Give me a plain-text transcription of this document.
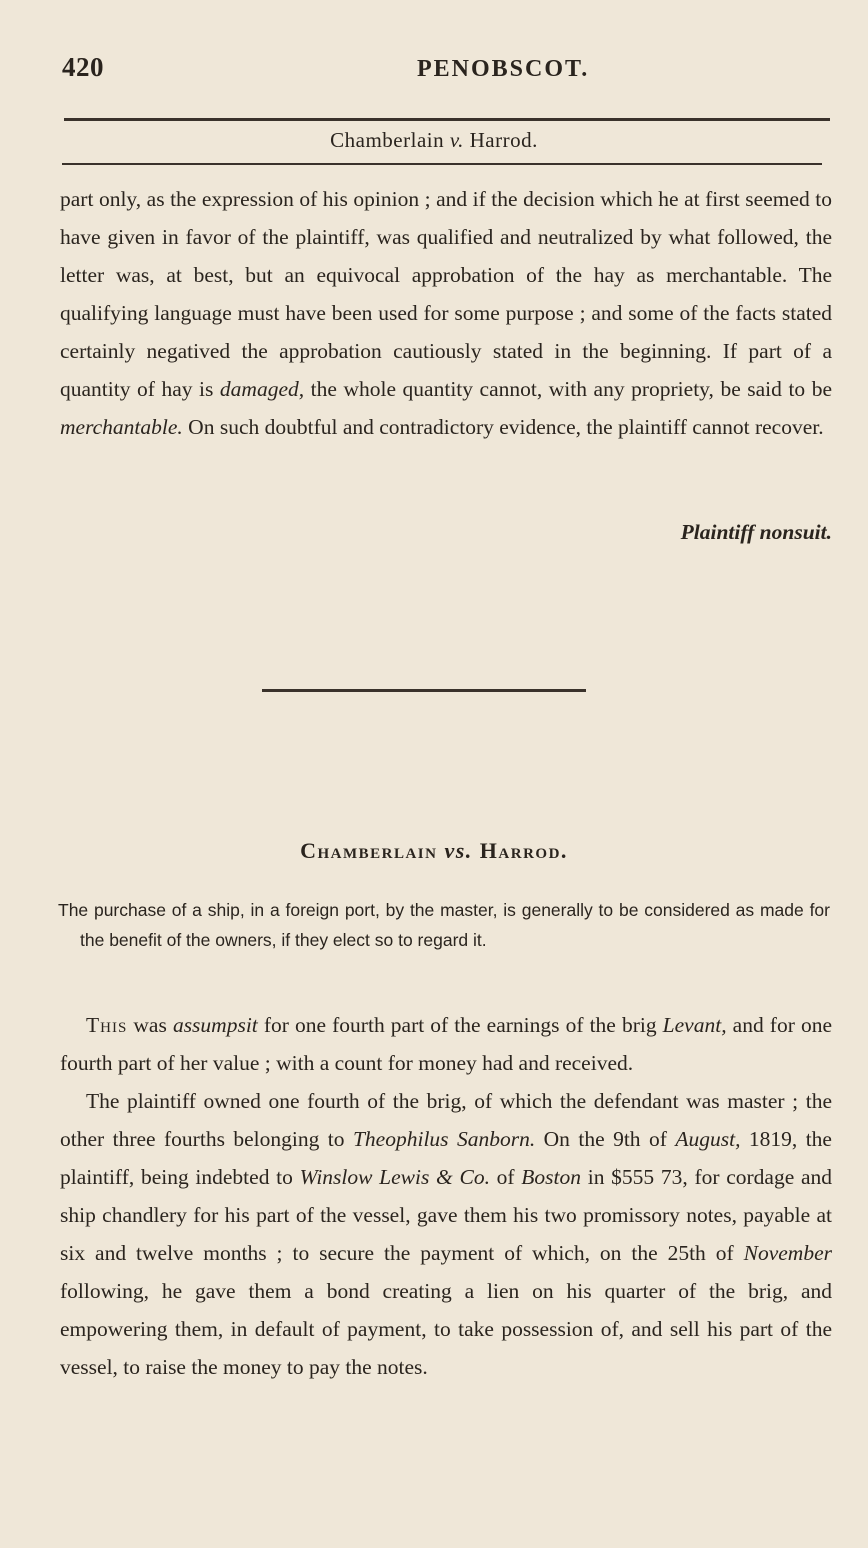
420	PENOBSCOT.
Chamberlain v. Harrod.

part only, as the expression of his opinion ; and if the decision which he at first seemed to have given in favor of the plaintiff, was qualified and neutralized by what followed, the letter was, at best, but an equivocal approbation of the hay as merchantable. The qualifying language must have been used for some purpose ; and some of the facts stated certainly negatived the approbation cautiously stated in the beginning. If part of a quantity of hay is damaged, the whole quantity cannot, with any propriety, be said to be merchantable. On such doubtful and contradictory evidence, the plaintiff cannot recover.

Plaintiff nonsuit.
Chamberlain vs. Harrod.

The purchase of a ship, in a foreign port, by the master, is generally to be considered as made for the benefit of the owners, if they elect so to regard it.

This was assumpsit for one fourth part of the earnings of the brig Levant, and for one fourth part of her value ; with a count for money had and received.

The plaintiff owned one fourth of the brig, of which the defendant was master ; the other three fourths belonging to Theophilus Sanborn. On the 9th of August, 1819, the plaintiff, being indebted to Winslow Lewis & Co. of Boston in $555 73, for cordage and ship chandlery for his part of the vessel, gave them his two promissory notes, payable at six and twelve months ; to secure the payment of which, on the 25th of November following, he gave them a bond creating a lien on his quarter of the brig, and empowering them, in default of payment, to take possession of, and sell his part of the vessel, to raise the money to pay the notes.
